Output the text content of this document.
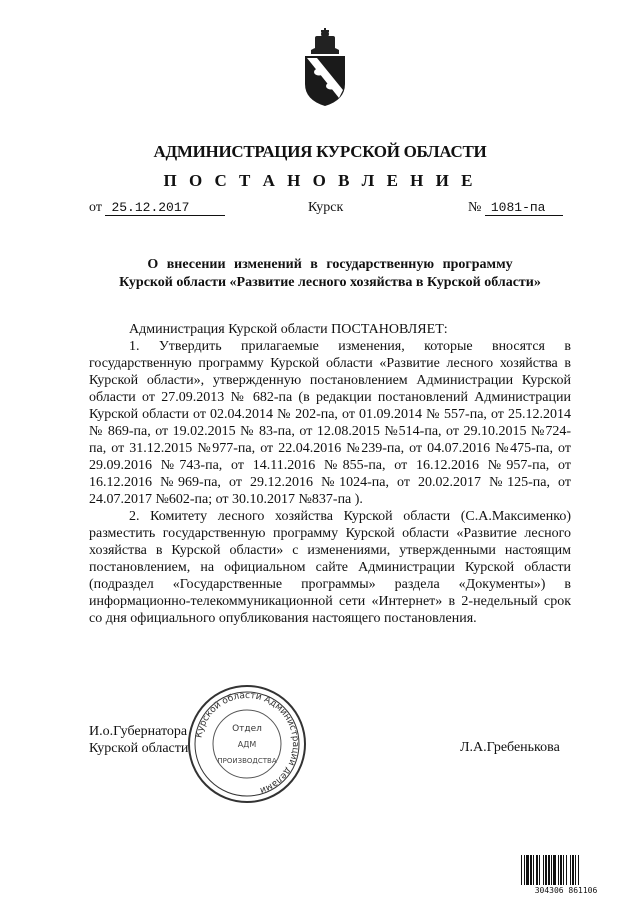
АДМИНИСТРАЦИЯ КУРСКОЙ ОБЛАСТИ
П О С Т А Н О В Л Е Н И Е
от 25.12.2017	Курск	№ 1081-па
О внесении изменений в государственную программу
Курской области «Развитие лесного хозяйства в Курской области»

Администрация Курской области ПОСТАНОВЛЯЕТ:

1. Утвердить прилагаемые изменения, которые вносятся в государственную программу Курской области «Развитие лесного хозяйства в Курской области», утвержденную постановлением Администрации Курской области от 27.09.2013 № 682-па (в редакции постановлений Администрации Курской области от 02.04.2014 № 202-па, от 01.09.2014 № 557-па, от 25.12.2014 № 869-па, от 19.02.2015 № 83-па, от 12.08.2015 №514-па, от 29.10.2015 №724-па, от 31.12.2015 №977-па, от 22.04.2016 №239-па, от 04.07.2016 №475-па, от 29.09.2016 №743-па, от 14.11.2016 №855-па, от 16.12.2016 №957-па, от 16.12.2016 №969-па, от 29.12.2016 №1024-па, от 20.02.2017 №125-па, от 24.07.2017 №602-па; от 30.10.2017 №837-па ).

2. Комитету лесного хозяйства Курской области (С.А.Максименко) разместить государственную программу Курской области «Развитие лесного хозяйства в Курской области» с изменениями, утвержденными настоящим постановлением, на официальном сайте Администрации Курской области (подраздел «Государственные программы» раздела «Документы») в информационно-телекоммуникационной сети «Интернет» в 2-недельный срок со дня официального опубликования настоящего постановления.

Курской области Администрации делами
Отдел
АДМ
ПРОИЗВОДСТВА
И.о.Губернатора
Курской области	Л.А.Гребенькова
304306 861106
